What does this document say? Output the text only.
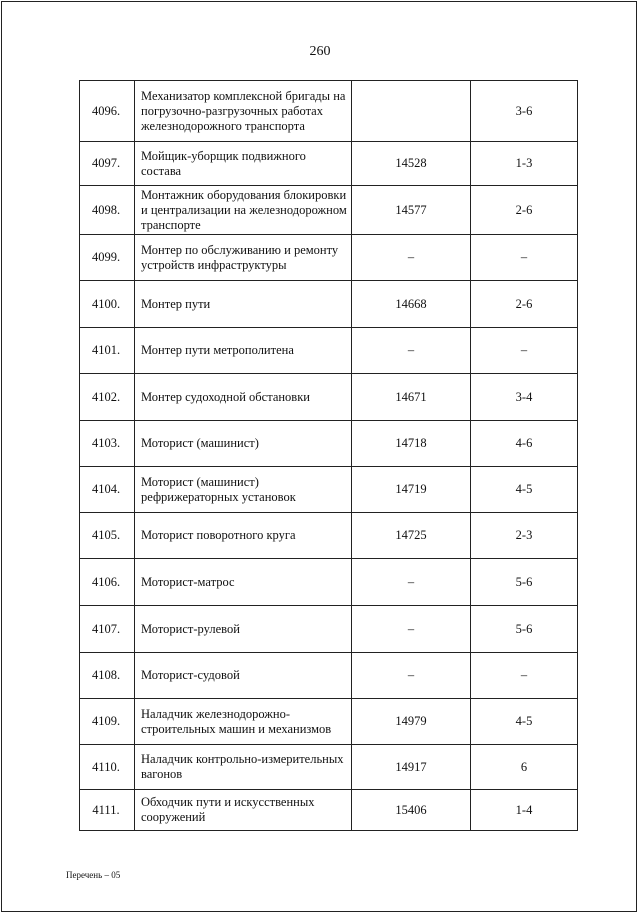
260
4096.	Механизатор комплексной бригады на погрузочно-разгрузочных работах железнодорожного транспорта		3-6
4097.	Мойщик-уборщик подвижного состава	14528	1-3
4098.	Монтажник оборудования блокировки и централизации на железнодорожном транспорте	14577	2-6
4099.	Монтер по обслуживанию и ремонту устройств инфраструктуры	–	–
4100.	Монтер пути	14668	2-6
4101.	Монтер пути метрополитена	–	–
4102.	Монтер судоходной обстановки	14671	3-4
4103.	Моторист (машинист)	14718	4-6
4104.	Моторист (машинист) рефрижераторных установок	14719	4-5
4105.	Моторист поворотного круга	14725	2-3
4106.	Моторист-матрос	–	5-6
4107.	Моторист-рулевой	–	5-6
4108.	Моторист-судовой	–	–
4109.	Наладчик железнодорожно-строительных машин и механизмов	14979	4-5
4110.	Наладчик контрольно-измерительных вагонов	14917	6
4111.	Обходчик пути и искусственных сооружений	15406	1-4
Перечень – 05
